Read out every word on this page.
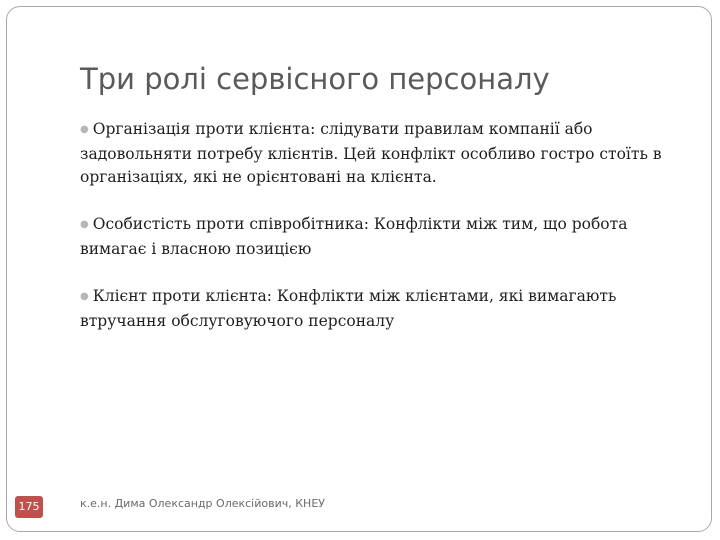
Три ролі сервісного персоналу

● Організація проти клієнта: слідувати правилам компанії або задовольняти потребу клієнтів. Цей конфлікт особливо гостро стоїть в організаціях, які не орієнтовані на клієнта.

● Особистість проти співробітника: Конфлікти між тим, що робота вимагає і власною позицією

● Клієнт проти клієнта: Конфлікти між клієнтами, які вимагають втручання обслуговуючого персоналу

175	к.е.н. Дима Олександр Олексійович, КНЕУ
